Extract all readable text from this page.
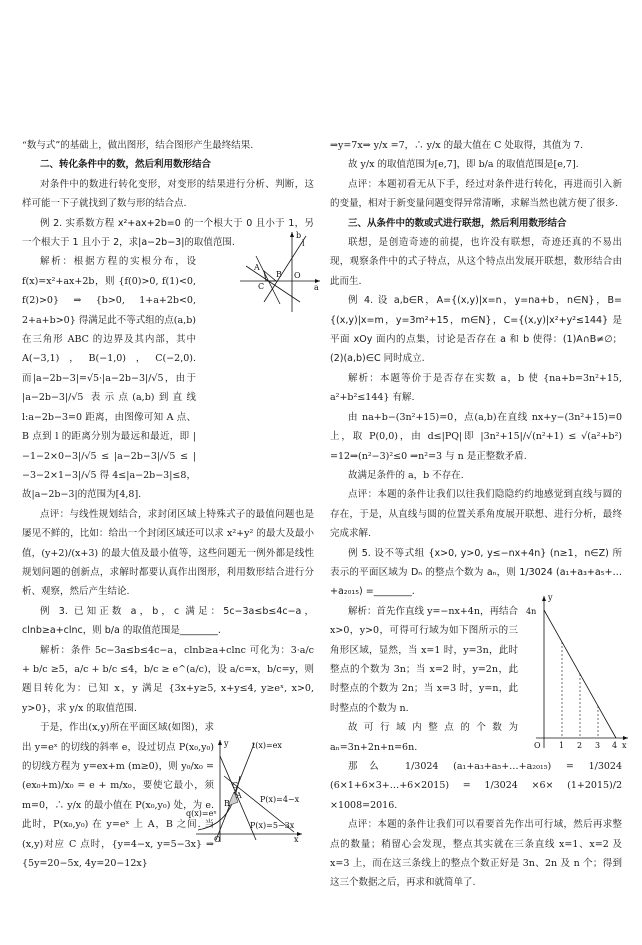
“数与式”的基础上，做出图形，结合图形产生最终结果.

二、转化条件中的数，然后利用数形结合

对条件中的数进行转化变形，对变形的结果进行分析、判断，这样可能一下子就找到了数与形的结合点.

例 2. 实系数方程 x²+ax+2b=0 的一个根大于 0 且小于 1，另一个根大于 1 且小于 2，求|a−2b−3|的取值范围.

解析：根据方程的实根分布，设 f(x)=x²+ax+2b，则 {f(0)>0, f(1)<0, f(2)>0} ⇒ {b>0, 1+a+2b<0, 2+a+b>0} 得满足此不等式组的点(a,b)在三角形 ABC 的边界及其内部，其中 A(−3,1)，B(−1,0)，C(−2,0). 而|a−2b−3|=√5·|a−2b−3|/√5，由于 |a−2b−3|/√5 表示点(a,b)到直线 l:a−2b−3=0 距离，由图像可知 A 点、B 点到 l 的距离分别为最远和最近，即 |−1−2×0−3|/√5 ≤ |a−2b−3|/√5 ≤ |−3−2×1−3|/√5 得 4≤|a−2b−3|≤8，故|a−2b−3|的范围为[4,8].

点评：与线性规划结合，求封闭区域上特殊式子的最值问题也是屡见不鲜的，比如：给出一个封闭区域还可以求 x²+y² 的最大及最小值，(y+2)/(x+3) 的最大值及最小值等，这些问题无一例外都是线性规划问题的创新点，求解时都要认真作出图形，利用数形结合进行分析、观察，然后产生结论.

例 3. 已知正数 a，b，c 满足：5c−3a≤b≤4c−a，clnb≥a+clnc，则 b/a 的取值范围是________.

解析：条件 5c−3a≤b≤4c−a，clnb≥a+clnc 可化为：3·a/c + b/c ≥5，a/c + b/c ≤4，b/c ≥ e^(a/c)，设 a/c=x，b/c=y，则题目转化为：已知 x，y 满足 {3x+y≥5, x+y≤4, y≥eˣ, x>0, y>0}，求 y/x 的取值范围.

于是，作出(x,y)所在平面区域(如图)，求出 y=eˣ 的切线的斜率 e，设过切点 P(x₀,y₀) 的切线方程为 y=ex+m (m≥0)，则 y₀/x₀ = (ex₀+m)/x₀ = e + m/x₀，要使它最小，须 m=0，∴ y/x 的最小值在 P(x₀,y₀) 处，为 e. 此时，P(x₀,y₀) 在 y=eˣ 上 A，B 之间. 当(x,y)对应 C 点时，{y=4−x, y=5−3x} ⇒ {5y=20−5x, 4y=20−12x}

b
A
B
C
O
a
l
y	t(x)=ex
C
A
B	P(x)=4−x
q(x)=eˣ
P(x)=5−3x
O	x

⇒y=7x⇒ y/x =7，∴ y/x 的最大值在 C 处取得，其值为 7.

故 y/x 的取值范围为[e,7]，即 b/a 的取值范围是[e,7].

点评：本题初看无从下手，经过对条件进行转化，再进而引入新的变量，相对于新变量问题变得异常清晰，求解当然也就方便了很多.

三、从条件中的数或式进行联想，然后利用数形结合

联想，是创造奇迹的前提，也许没有联想，奇迹还真的不易出现，观察条件中的式子特点，从这个特点出发展开联想，数形结合由此而生.

例 4. 设 a,b∈R，A={(x,y)|x=n，y=na+b，n∈N}，B={(x,y)|x=m，y=3m²+15，m∈N}，C={(x,y)|x²+y²≤144} 是平面 xOy 面内的点集，讨论是否存在 a 和 b 使得：(1)A∩B≠∅；(2)(a,b)∈C 同时成立.

解析：本题等价于是否存在实数 a，b 使 {na+b=3n²+15, a²+b²≤144} 有解.

由 na+b−(3n²+15)=0，点(a,b)在直线 nx+y−(3n²+15)=0 上，取 P(0,0)，由 d≤|PQ|即 |3n²+15|/√(n²+1) ≤ √(a²+b²) =12⇒(n²−3)²≤0 ⇒n²=3 与 n 是正整数矛盾.

故满足条件的 a，b 不存在.

点评：本题的条件让我们以往我们隐隐约约地感觉到直线与圆的存在，于是，从直线与圆的位置关系角度展开联想、进行分析，最终完成求解.

例 5. 设不等式组 {x>0, y>0, y≤−nx+4n} (n≥1，n∈Z) 所表示的平面区域为 Dₙ 的整点个数为 aₙ，则 1/3024 (a₁+a₃+a₅+…+a₂₀₁₅) =________.

解析：首先作直线 y=−nx+4n，再结合 x>0，y>0，可得可行域为如下图所示的三角形区域，显然，当 x=1 时，y=3n，此时整点的个数为 3n；当 x=2 时，y=2n，此时整点的个数为 2n；当 x=3 时，y=n，此时整点的个数为 n.

故可行域内整点的个数为 aₙ=3n+2n+n=6n.

那么 1/3024 (a₁+a₃+a₅+…+a₂₀₁₅) = 1/3024 (6×1+6×3+…+6×2015) = 1/3024 ×6× (1+2015)/2 ×1008=2016.

点评：本题的条件让我们可以看要首先作出可行域，然后再求整点的数量；稍留心会发现，整点其实就在三条直线 x=1、x=2 及 x=3 上，而在这三条线上的整点个数正好是 3n、2n 及 n 个；得到这三个数据之后，再求和就简单了.

y
4n
O 1 2 3 4 x
